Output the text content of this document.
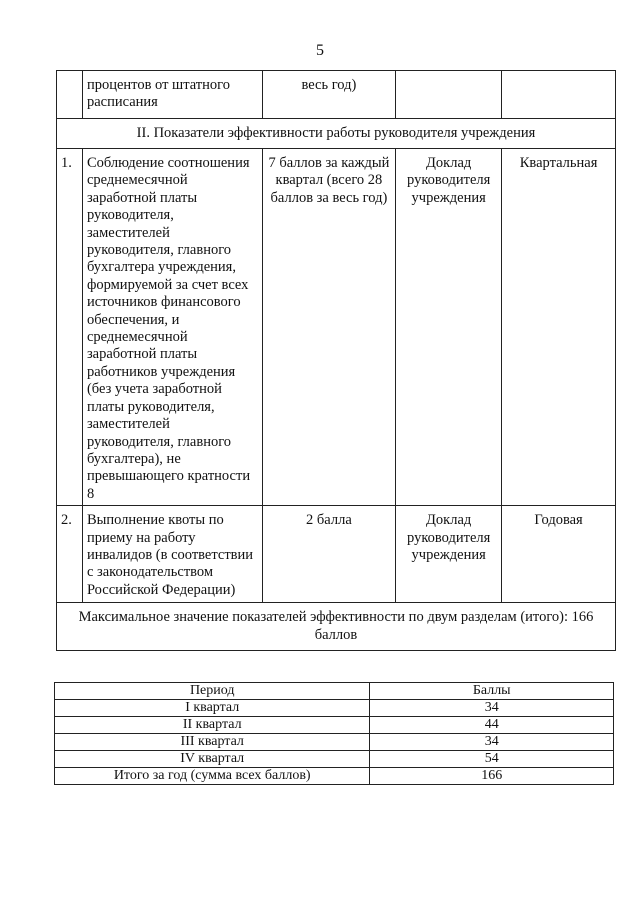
5
	процентов от штатного расписания	весь год)		
II. Показатели эффективности работы руководителя учреждения				
1.	Соблюдение соотношения среднемесячной заработной платы руководителя, заместителей руководителя, главного бухгалтера учреждения, формируемой за счет всех источников финансового обеспечения, и среднемесячной заработной платы работников учреждения (без учета заработной платы руководителя, заместителей руководителя, главного бухгалтера), не превышающего кратности 8	7 баллов за каждый квартал (всего 28 баллов за весь год)	Доклад руководителя учреждения	Квартальная
2.	Выполнение квоты по приему на работу инвалидов (в соответствии с законодательством Российской Федерации)	2 балла	Доклад руководителя учреждения	Годовая
Максимальное значение показателей эффективности по двум разделам (итого): 166 баллов				
Период	Баллы
I квартал	34
II квартал	44
III квартал	34
IV квартал	54
Итого за год (сумма всех баллов)	166
